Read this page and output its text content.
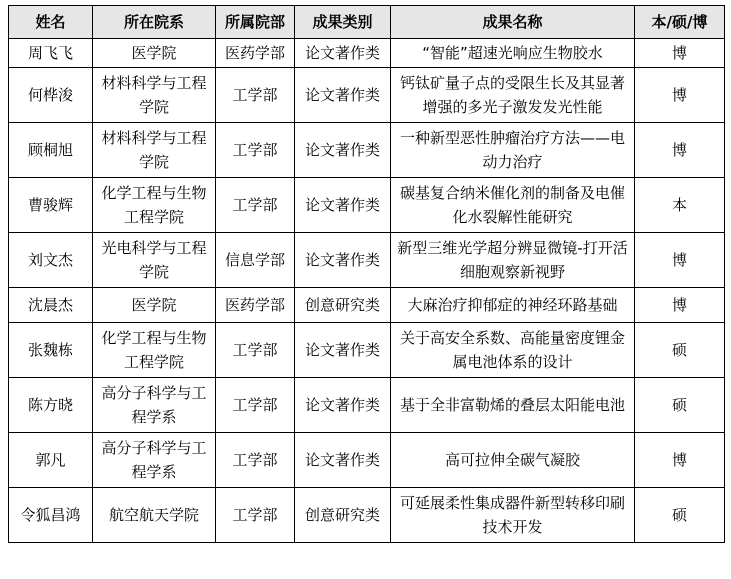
姓名	所在院系	所属院部	成果类别	成果名称	本/硕/博
周飞飞	医学院	医药学部	论文著作类	“智能”超速光响应生物胶水	博
何桦浚	材料科学与工程学院	工学部	论文著作类	钙钛矿量子点的受限生长及其显著增强的多光子激发发光性能	博
顾桐旭	材料科学与工程学院	工学部	论文著作类	一种新型恶性肿瘤治疗方法——电动力治疗	博
曹骏辉	化学工程与生物工程学院	工学部	论文著作类	碳基复合纳米催化剂的制备及电催化水裂解性能研究	本
刘文杰	光电科学与工程学院	信息学部	论文著作类	新型三维光学超分辨显微镜-打开活细胞观察新视野	博
沈晨杰	医学院	医药学部	创意研究类	大麻治疗抑郁症的神经环路基础	博
张魏栋	化学工程与生物工程学院	工学部	论文著作类	关于高安全系数、高能量密度锂金属电池体系的设计	硕
陈方晓	高分子科学与工程学系	工学部	论文著作类	基于全非富勒烯的叠层太阳能电池	硕
郭凡	高分子科学与工程学系	工学部	论文著作类	高可拉伸全碳气凝胶	博
令狐昌鸿	航空航天学院	工学部	创意研究类	可延展柔性集成器件新型转移印刷技术开发	硕
